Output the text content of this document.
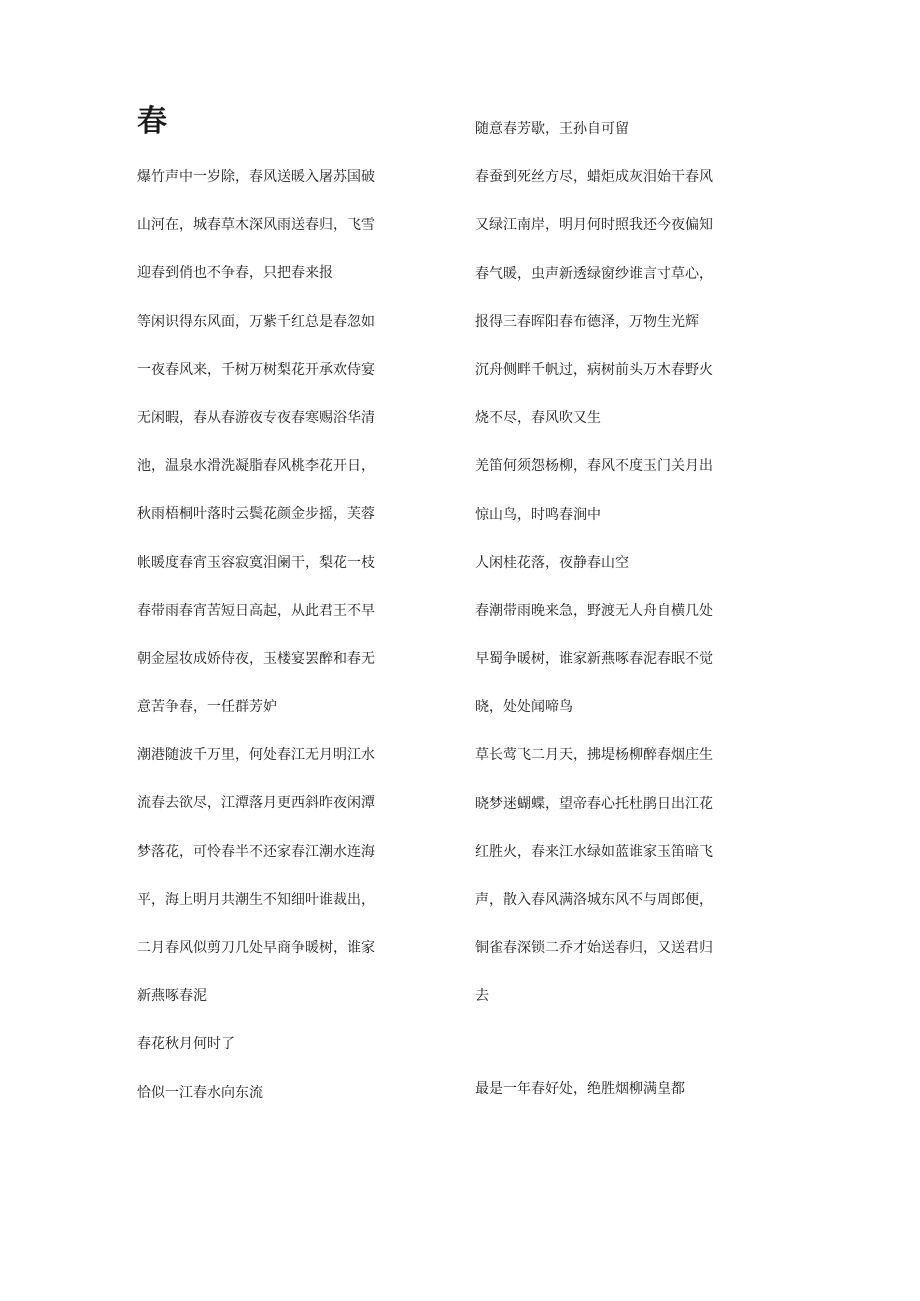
春
爆竹声中一岁除，春风送暖入屠苏国破
山河在，城春草木深风雨送春归，飞雪
迎春到俏也不争春，只把春来报
等闲识得东风面，万紫千红总是春忽如
一夜春风来，千树万树梨花开承欢侍宴
无闲暇，春从春游夜专夜春寒赐浴华清
池，温泉水滑洗凝脂春风桃李花开日，
秋雨梧桐叶落时云鬓花颜金步摇，芙蓉
帐暖度春宵玉容寂寞泪阑干，梨花一枝
春带雨春宵苦短日高起，从此君王不早
朝金屋妆成娇侍夜，玉楼宴罢醉和春无
意苦争春，一任群芳妒
潮港随波千万里，何处春江无月明江水
流春去欲尽，江潭落月更西斜昨夜闲潭
梦落花，可怜春半不还家春江潮水连海
平，海上明月共潮生不知细叶谁裁出，
二月春风似剪刀几处早商争暖树，谁家
新燕啄春泥
春花秋月何时了
恰似一江春水向东流
随意春芳歇，王孙自可留
春蚕到死丝方尽，蜡炬成灰泪始干春风
又绿江南岸，明月何时照我还今夜偏知
春气暖，虫声新透绿窗纱谁言寸草心，
报得三春晖阳春布德泽，万物生光辉
沉舟侧畔千帆过，病树前头万木春野火
烧不尽，春风吹又生
羌笛何须怨杨柳，春风不度玉门关月出
惊山鸟，时鸣春涧中
人闲桂花落，夜静春山空
春潮带雨晚来急，野渡无人舟自横几处
早蜀争暖树，谁家新燕啄春泥春眠不觉
晓，处处闻啼鸟
草长莺飞二月天，拂堤杨柳醉春烟庄生
晓梦迷蝴蝶，望帝春心托杜鹃日出江花
红胜火，春来江水绿如蓝谁家玉笛暗飞
声，散入春风满洛城东风不与周郎便，
铜雀春深锁二乔才始送春归，又送君归
去
最是一年春好处，绝胜烟柳满皇都
